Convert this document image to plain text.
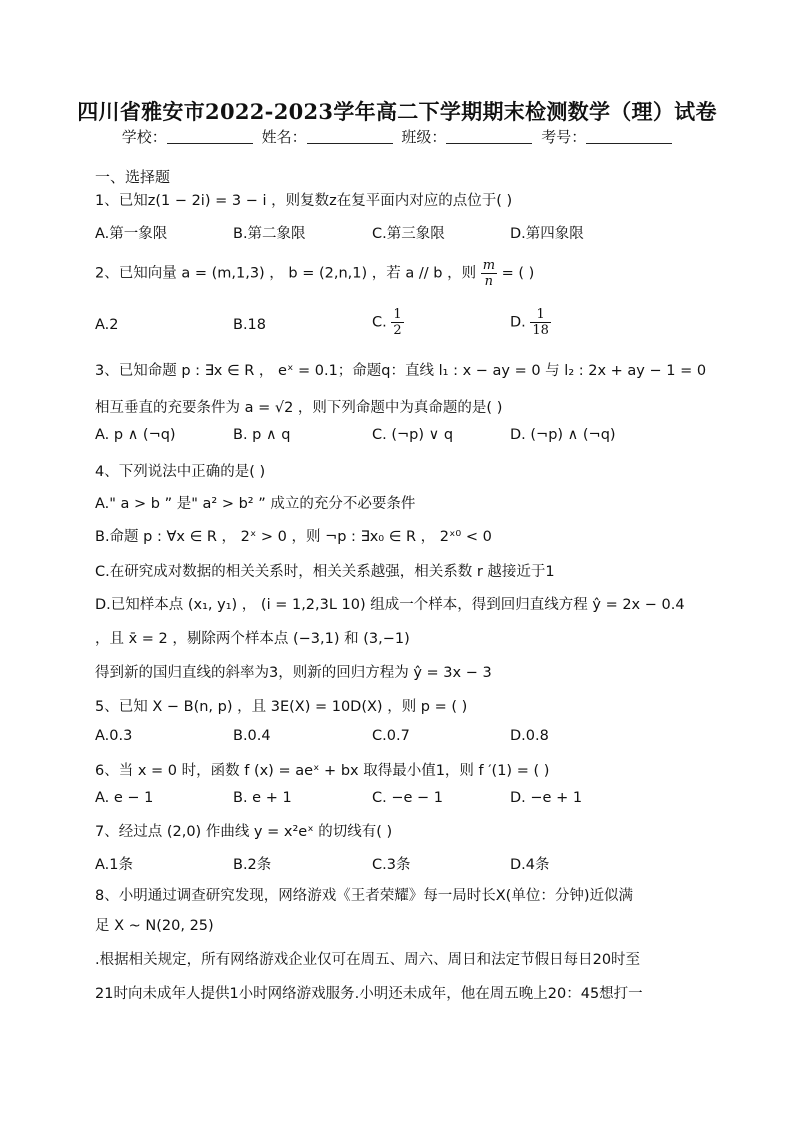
四川省雅安市2022-2023学年高二下学期期末检测数学（理）试卷
学校：	姓名：	班级：	考号：
一、选择题
1、已知z(1 − 2i) = 3 − i ，则复数z在复平面内对应的点位于( )
A.第一象限	B.第二象限	C.第三象限	D.第四象限
2、已知向量 a = (m,1,3) ， b = (2,n,1) ，若 a // b ，则 $\frac{m}{n}$ = ( )
A.2	B.18	C. $\frac{1}{2}$	D. $\frac{1}{18}$
3、已知命题 p : ∃x ∈ R ， eˣ = 0.1；命题q：直线 l₁ : x − ay = 0 与 l₂ : 2x + ay − 1 = 0
相互垂直的充要条件为 a = √2 ，则下列命题中为真命题的是( )
A. p ∧ (¬q)	B. p ∧ q	C. (¬p) ∨ q	D. (¬p) ∧ (¬q)
4、下列说法中正确的是( )
A." a > b ” 是" a² > b² ” 成立的充分不必要条件
B.命题 p : ∀x ∈ R ， 2ˣ > 0 ，则 ¬p : ∃x₀ ∈ R ， 2ˣ⁰ < 0
C.在研究成对数据的相关关系时，相关关系越强，相关系数 r 越接近于1
D.已知样本点 (x₁, y₁) ， (i = 1,2,3L 10) 组成一个样本，得到回归直线方程 ŷ = 2x − 0.4
，且 x̄ = 2 ，剔除两个样本点 (−3,1) 和 (3,−1)
得到新的国归直线的斜率为3，则新的回归方程为 ŷ = 3x − 3
5、已知 X − B(n, p) ，且 3E(X) = 10D(X) ，则 p = ( )
A.0.3	B.0.4	C.0.7	D.0.8
6、当 x = 0 时，函数 f (x) = aeˣ + bx 取得最小值1，则 f ′(1) = ( )
A. e − 1	B. e + 1	C. −e − 1	D. −e + 1
7、经过点 (2,0) 作曲线 y = x²eˣ 的切线有( )
A.1条	B.2条	C.3条	D.4条
8、小明通过调查研究发现，网络游戏《王者荣耀》每一局时长X(单位：分钟)近似满
足 X ~ N(20, 25)
.根据相关规定，所有网络游戏企业仅可在周五、周六、周日和法定节假日每日20时至
21时向未成年人提供1小时网络游戏服务.小明还未成年，他在周五晚上20：45想打一
